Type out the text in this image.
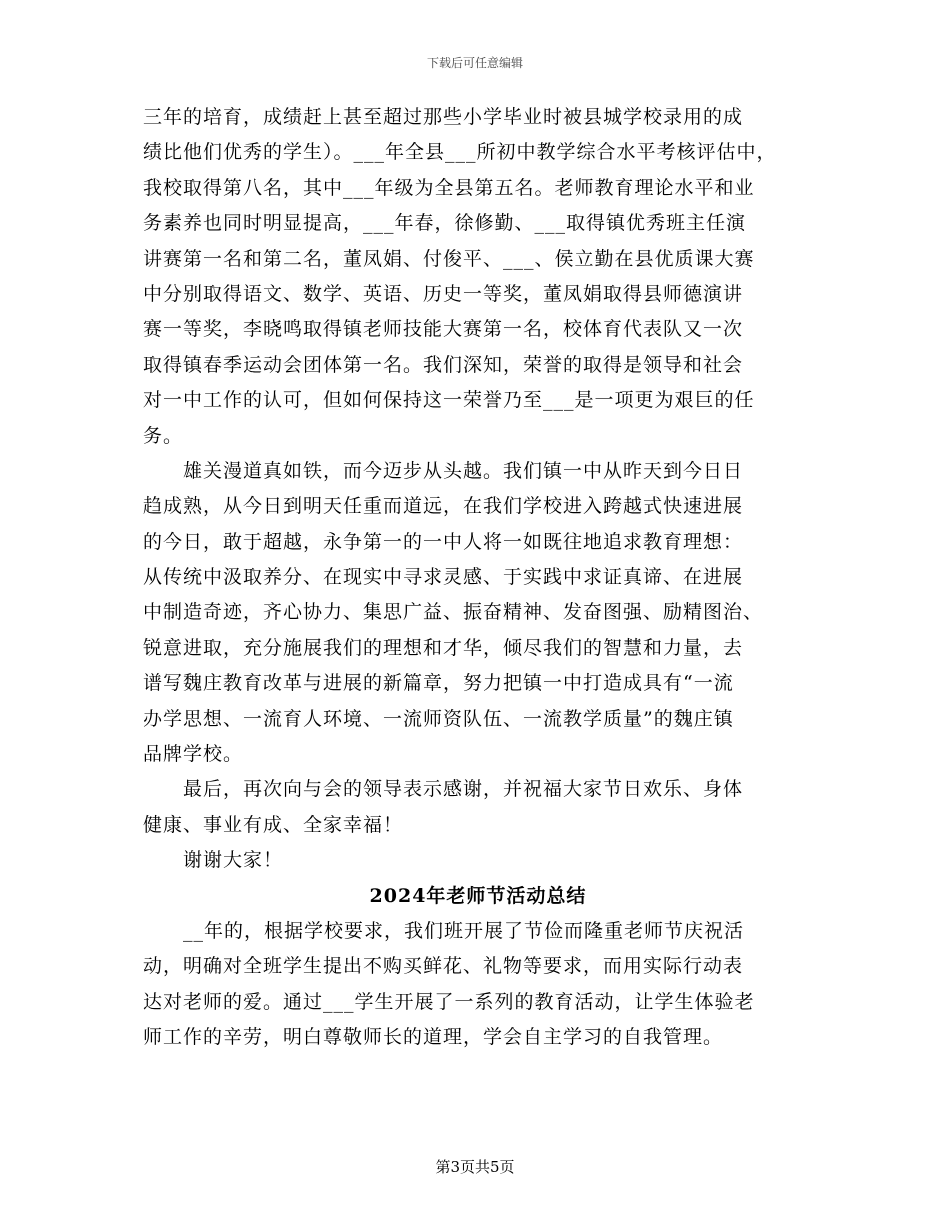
下载后可任意编辑
三年的培育，成绩赶上甚至超过那些小学毕业时被县城学校录用的成
绩比他们优秀的学生）。___年全县___所初中教学综合水平考核评估中，
我校取得第八名，其中___年级为全县第五名。老师教育理论水平和业
务素养也同时明显提高，___年春，徐修勤、___取得镇优秀班主任演
讲赛第一名和第二名，董凤娟、付俊平、___、侯立勤在县优质课大赛
中分别取得语文、数学、英语、历史一等奖，董凤娟取得县师德演讲
赛一等奖，李晓鸣取得镇老师技能大赛第一名，校体育代表队又一次
取得镇春季运动会团体第一名。我们深知，荣誉的取得是领导和社会
对一中工作的认可，但如何保持这一荣誉乃至___是一项更为艰巨的任
务。
　　雄关漫道真如铁，而今迈步从头越。我们镇一中从昨天到今日日
趋成熟，从今日到明天任重而道远，在我们学校进入跨越式快速进展
的今日，敢于超越，永争第一的一中人将一如既往地追求教育理想：
从传统中汲取养分、在现实中寻求灵感、于实践中求证真谛、在进展
中制造奇迹，齐心协力、集思广益、振奋精神、发奋图强、励精图治、
锐意进取，充分施展我们的理想和才华，倾尽我们的智慧和力量，去
谱写魏庄教育改革与进展的新篇章，努力把镇一中打造成具有“一流
办学思想、一流育人环境、一流师资队伍、一流教学质量”的魏庄镇
品牌学校。
　　最后，再次向与会的领导表示感谢，并祝福大家节日欢乐、身体
健康、事业有成、全家幸福！
　　谢谢大家！
2024年老师节活动总结
　　__年的，根据学校要求，我们班开展了节俭而隆重老师节庆祝活
动，明确对全班学生提出不购买鲜花、礼物等要求，而用实际行动表
达对老师的爱。通过___学生开展了一系列的教育活动，让学生体验老
师工作的辛劳，明白尊敬师长的道理，学会自主学习的自我管理。
第3页共5页
